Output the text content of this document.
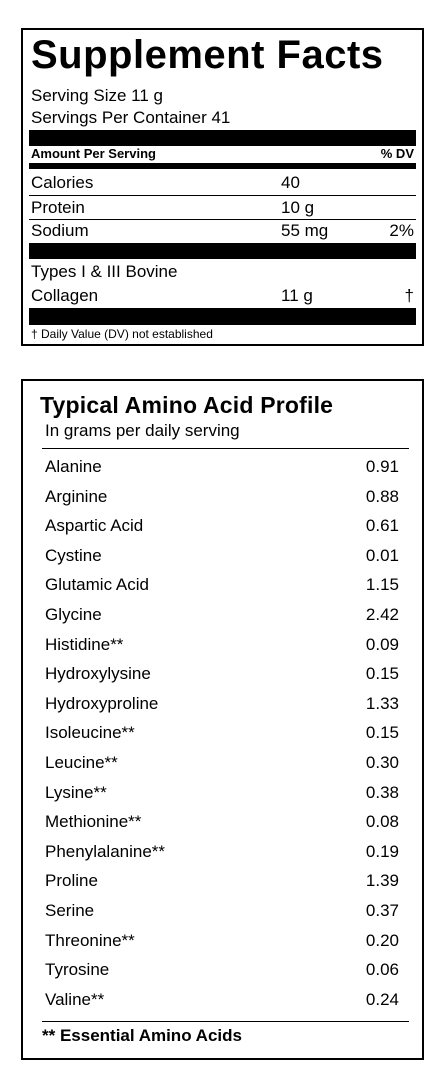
Supplement Facts
Serving Size 11 g
Servings Per Container 41
Amount Per Serving	% DV
Calories	40
Protein	10 g
Sodium	55 mg	2%
Types I & III Bovine
Collagen	11 g	†
† Daily Value (DV) not established
Typical Amino Acid Profile
In grams per daily serving
Alanine	0.91
Arginine	0.88
Aspartic Acid	0.61
Cystine	0.01
Glutamic Acid	1.15
Glycine	2.42
Histidine**	0.09
Hydroxylysine	0.15
Hydroxyproline	1.33
Isoleucine**	0.15
Leucine**	0.30
Lysine**	0.38
Methionine**	0.08
Phenylalanine**	0.19
Proline	1.39
Serine	0.37
Threonine**	0.20
Tyrosine	0.06
Valine**	0.24
** Essential Amino Acids
